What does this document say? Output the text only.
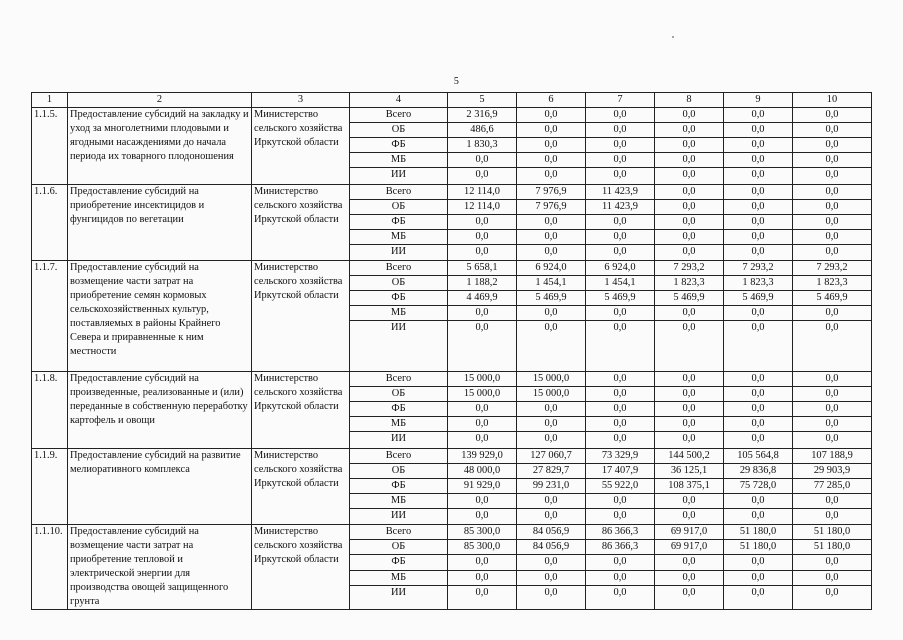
5
1	2	3	4	5	6	7	8	9	10
1.1.5.	Предоставление субсидий на закладку и уход за многолетними плодовыми и ягодными насаждениями до начала периода их товарного плодоношения	Министерство сельского хозяйства Иркутской области	Всего	2 316,9	0,0	0,0	0,0	0,0	0,0
			ОБ	486,6	0,0	0,0	0,0	0,0	0,0
			ФБ	1 830,3	0,0	0,0	0,0	0,0	0,0
			МБ	0,0	0,0	0,0	0,0	0,0	0,0
			ИИ	0,0	0,0	0,0	0,0	0,0	0,0
1.1.6.	Предоставление субсидий на приобретение инсектицидов и фунгицидов по вегетации	Министерство сельского хозяйства Иркутской области	Всего	12 114,0	7 976,9	11 423,9	0,0	0,0	0,0
			ОБ	12 114,0	7 976,9	11 423,9	0,0	0,0	0,0
			ФБ	0,0	0,0	0,0	0,0	0,0	0,0
			МБ	0,0	0,0	0,0	0,0	0,0	0,0
			ИИ	0,0	0,0	0,0	0,0	0,0	0,0
1.1.7.	Предоставление субсидий на возмещение части затрат на приобретение семян кормовых сельскохозяйственных культур, поставляемых в районы Крайнего Севера и приравненные к ним местности	Министерство сельского хозяйства Иркутской области	Всего	5 658,1	6 924,0	6 924,0	7 293,2	7 293,2	7 293,2
			ОБ	1 188,2	1 454,1	1 454,1	1 823,3	1 823,3	1 823,3
			ФБ	4 469,9	5 469,9	5 469,9	5 469,9	5 469,9	5 469,9
			МБ	0,0	0,0	0,0	0,0	0,0	0,0
			ИИ	0,0	0,0	0,0	0,0	0,0	0,0
1.1.8.	Предоставление субсидий на произведенные, реализованные и (или) переданные в собственную переработку картофель и овощи	Министерство сельского хозяйства Иркутской области	Всего	15 000,0	15 000,0	0,0	0,0	0,0	0,0
			ОБ	15 000,0	15 000,0	0,0	0,0	0,0	0,0
			ФБ	0,0	0,0	0,0	0,0	0,0	0,0
			МБ	0,0	0,0	0,0	0,0	0,0	0,0
			ИИ	0,0	0,0	0,0	0,0	0,0	0,0
1.1.9.	Предоставление субсидий на развитие мелиоративного комплекса	Министерство сельского хозяйства Иркутской области	Всего	139 929,0	127 060,7	73 329,9	144 500,2	105 564,8	107 188,9
			ОБ	48 000,0	27 829,7	17 407,9	36 125,1	29 836,8	29 903,9
			ФБ	91 929,0	99 231,0	55 922,0	108 375,1	75 728,0	77 285,0
			МБ	0,0	0,0	0,0	0,0	0,0	0,0
			ИИ	0,0	0,0	0,0	0,0	0,0	0,0
1.1.10.	Предоставление субсидий на возмещение части затрат на приобретение тепловой и электрической энергии для производства овощей защищенного грунта	Министерство сельского хозяйства Иркутской области	Всего	85 300,0	84 056,9	86 366,3	69 917,0	51 180,0	51 180,0
			ОБ	85 300,0	84 056,9	86 366,3	69 917,0	51 180,0	51 180,0
			ФБ	0,0	0,0	0,0	0,0	0,0	0,0
			МБ	0,0	0,0	0,0	0,0	0,0	0,0
			ИИ	0,0	0,0	0,0	0,0	0,0	0,0
